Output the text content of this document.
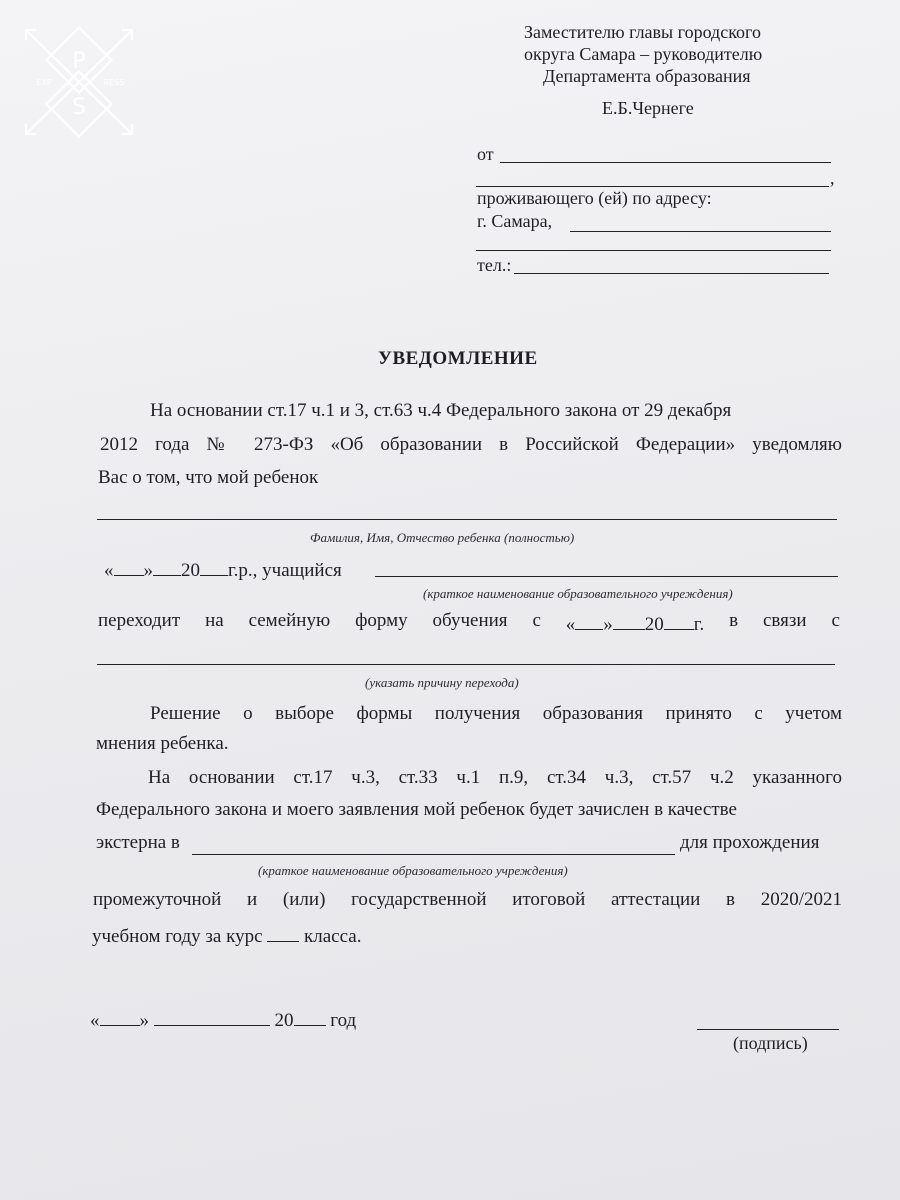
P
S
EXP	RESS
Заместителю главы городского
округа Самара – руководителю
Департамента образования
Е.Б.Чернеге
от
,
проживающего (ей) по адресу:
г. Самара,
тел.:
УВЕДОМЛЕНИЕ
На основании ст.17 ч.1 и 3, ст.63 ч.4 Федерального закона от 29 декабря
2012 года № 273-ФЗ «Об образовании в Российской Федерации» уведомляю
Вас о том, что мой ребенок
Фамилия, Имя, Отчество ребенка (полностью)
« » 20 г.р., учащийся
(краткое наименование образовательного учреждения)
переходит на семейную форму обучения с « » 20 г. в связи с
(указать причину перехода)
Решение о выборе формы получения образования принято с учетом
мнения ребенка.
На основании ст.17 ч.3, ст.33 ч.1 п.9, ст.34 ч.3, ст.57 ч.2 указанного
Федерального закона и моего заявления мой ребенок будет зачислен в качестве
экстерна в	для прохождения
(краткое наименование образовательного учреждения)
промежуточной и (или) государственной итоговой аттестации в 2020/2021
учебном году за курс класса.
« »	20 год
(подпись)
